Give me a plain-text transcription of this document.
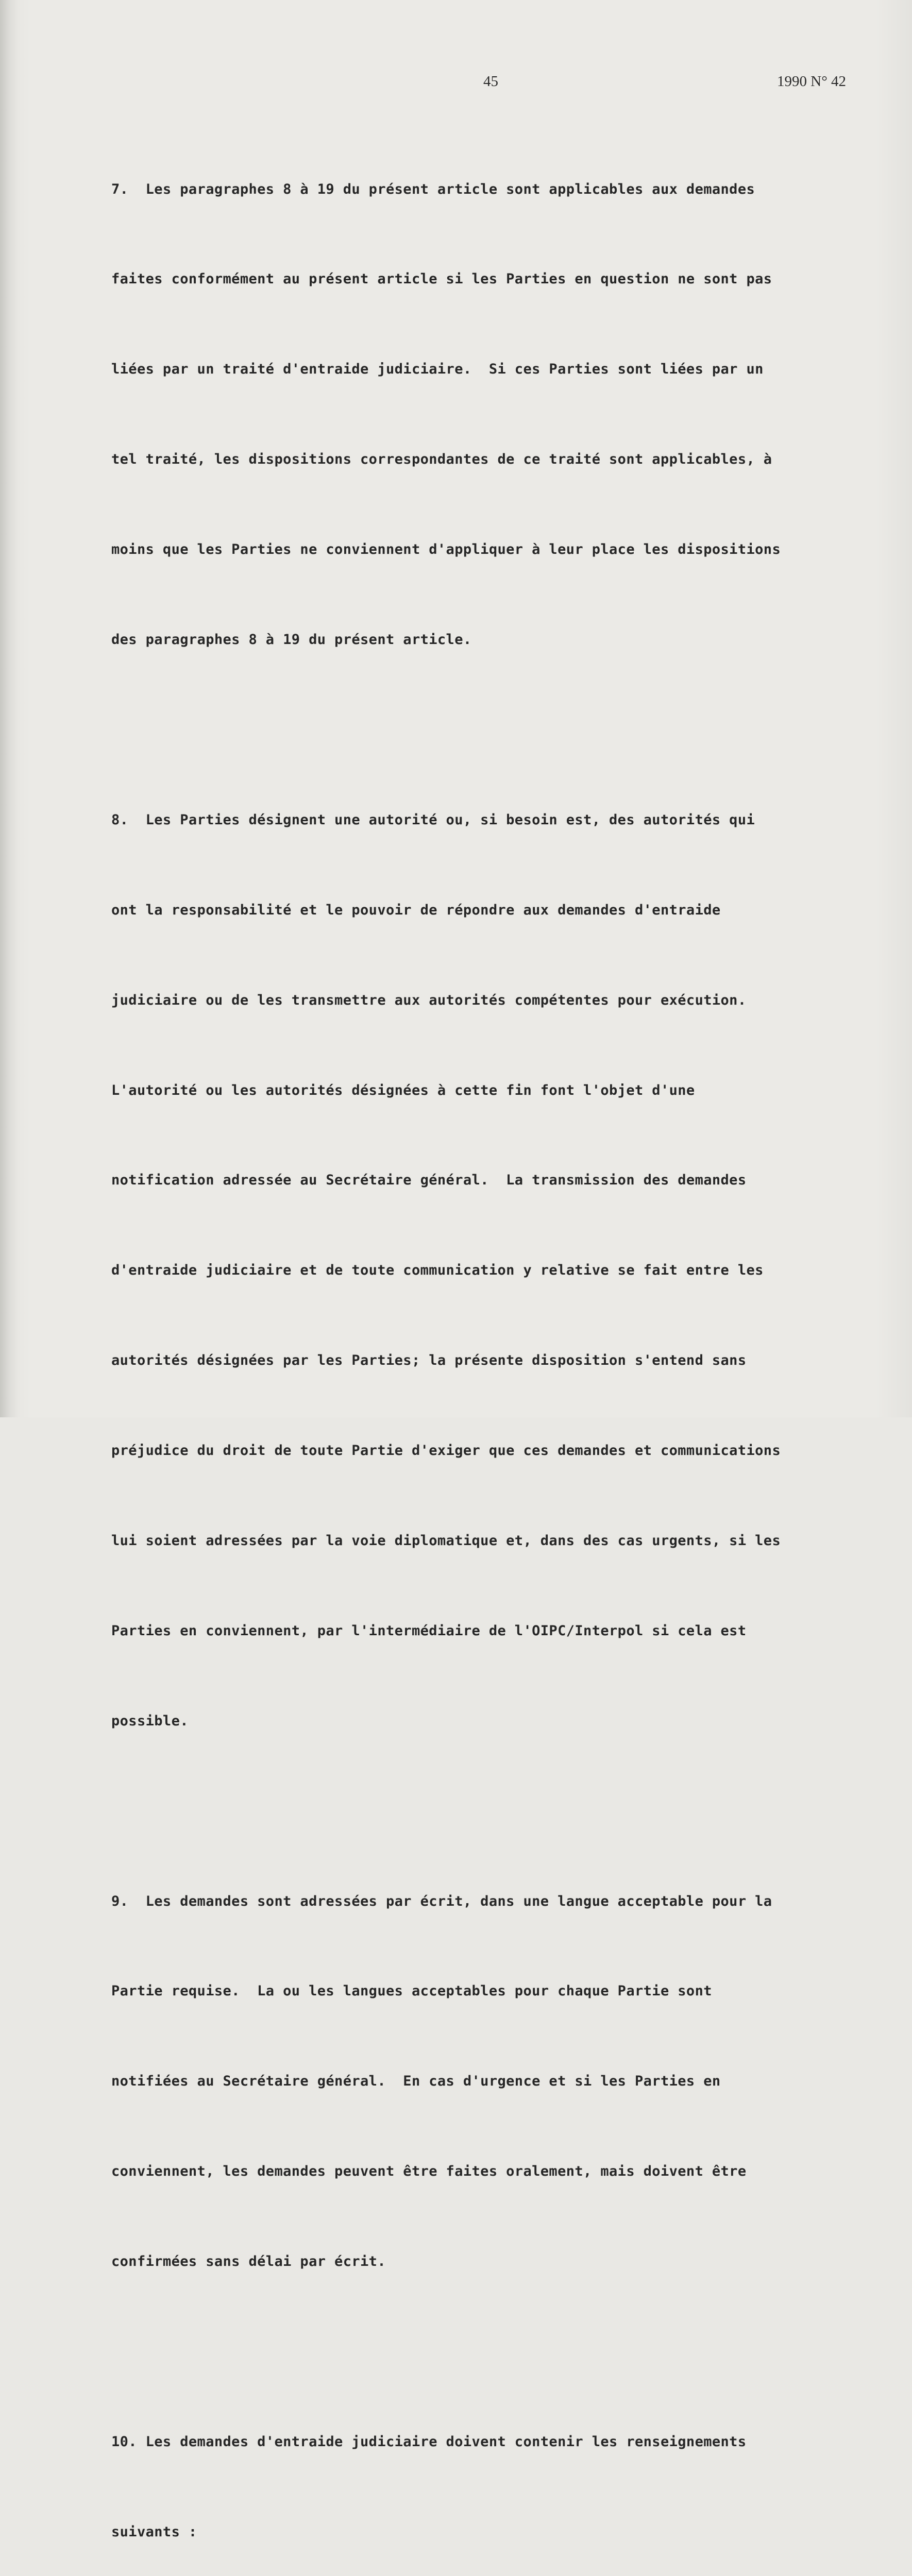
45	1990 N° 42

7.  Les paragraphes 8 à 19 du présent article sont applicables aux demandes

faites conformément au présent article si les Parties en question ne sont pas

liées par un traité d'entraide judiciaire.  Si ces Parties sont liées par un

tel traité, les dispositions correspondantes de ce traité sont applicables, à

moins que les Parties ne conviennent d'appliquer à leur place les dispositions

des paragraphes 8 à 19 du présent article.

8.  Les Parties désignent une autorité ou, si besoin est, des autorités qui

ont la responsabilité et le pouvoir de répondre aux demandes d'entraide

judiciaire ou de les transmettre aux autorités compétentes pour exécution.

L'autorité ou les autorités désignées à cette fin font l'objet d'une

notification adressée au Secrétaire général.  La transmission des demandes

d'entraide judiciaire et de toute communication y relative se fait entre les

autorités désignées par les Parties; la présente disposition s'entend sans

préjudice du droit de toute Partie d'exiger que ces demandes et communications

lui soient adressées par la voie diplomatique et, dans des cas urgents, si les

Parties en conviennent, par l'intermédiaire de l'OIPC/Interpol si cela est

possible.

9.  Les demandes sont adressées par écrit, dans une langue acceptable pour la

Partie requise.  La ou les langues acceptables pour chaque Partie sont

notifiées au Secrétaire général.  En cas d'urgence et si les Parties en

conviennent, les demandes peuvent être faites oralement, mais doivent être

confirmées sans délai par écrit.

10. Les demandes d'entraide judiciaire doivent contenir les renseignements

suivants :
